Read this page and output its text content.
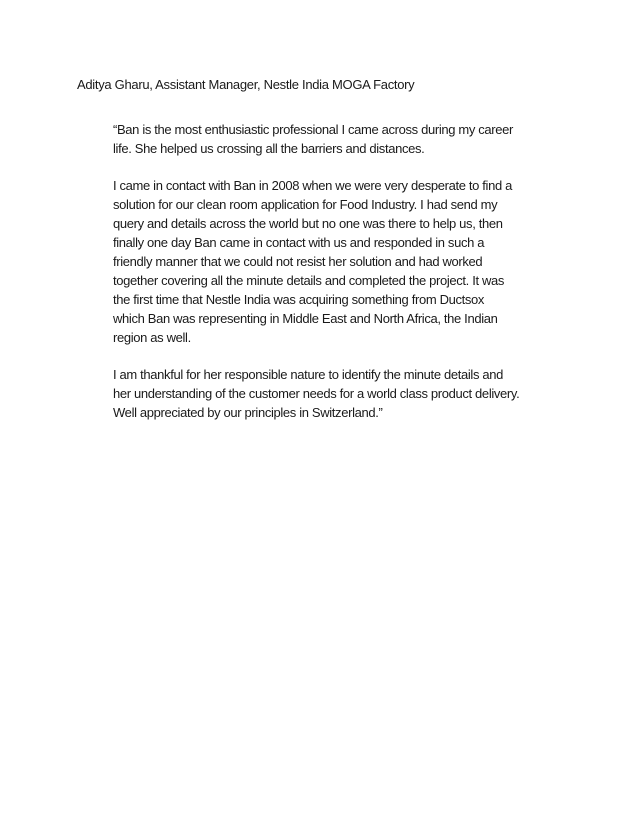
Aditya Gharu, Assistant Manager, Nestle India MOGA Factory

“Ban is the most enthusiastic professional I came across during my career
life. She helped us crossing all the barriers and distances.

I came in contact with Ban in 2008 when we were very desperate to find a
solution for our clean room application for Food Industry. I had send my
query and details across the world but no one was there to help us, then
finally one day Ban came in contact with us and responded in such a
friendly manner that we could not resist her solution and had worked
together covering all the minute details and completed the project. It was
the first time that Nestle India was acquiring something from Ductsox
which Ban was representing in Middle East and North Africa, the Indian
region as well.

I am thankful for her responsible nature to identify the minute details and
her understanding of the customer needs for a world class product delivery.
Well appreciated by our principles in Switzerland.”
